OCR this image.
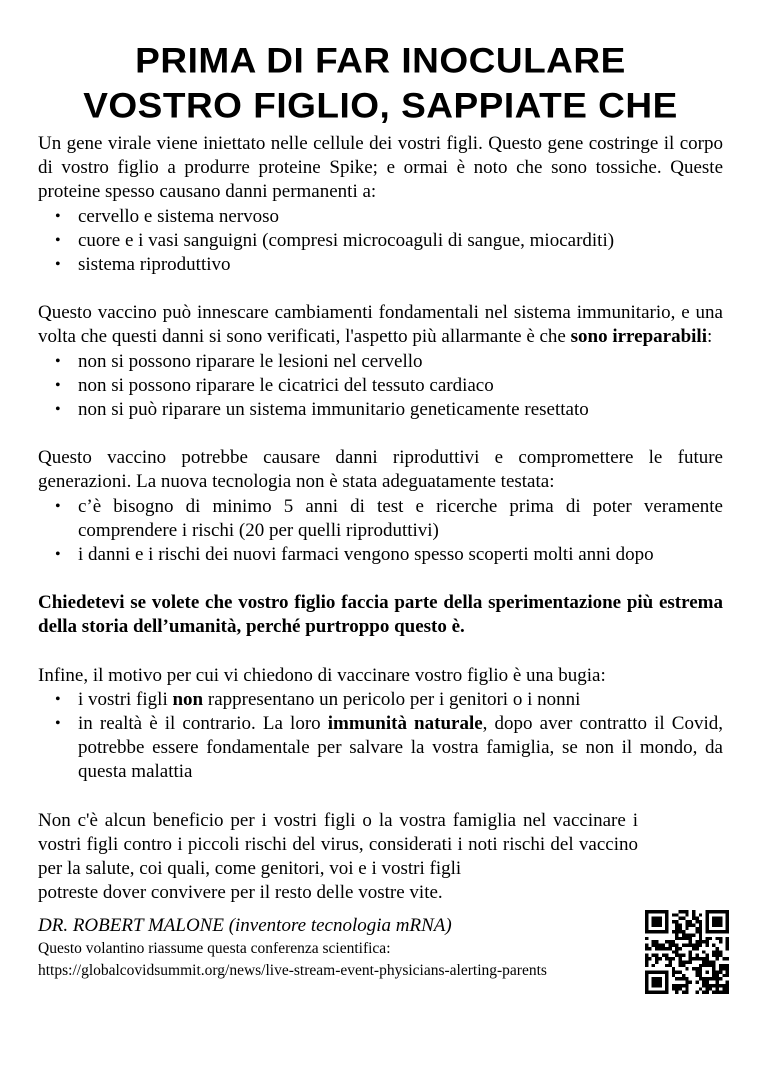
PRIMA DI FAR INOCULARE
VOSTRO FIGLIO, SAPPIATE CHE

Un gene virale viene iniettato nelle cellule dei vostri figli. Questo gene costringe il corpo di vostro figlio a produrre proteine Spike; e ormai è noto che sono tossiche. Queste proteine spesso causano danni permanenti a:

• cervello e sistema nervoso
• cuore e i vasi sanguigni (compresi microcoaguli di sangue, miocarditi)
• sistema riproduttivo

Questo vaccino può innescare cambiamenti fondamentali nel sistema immunitario, e una volta che questi danni si sono verificati, l'aspetto più allarmante è che sono irreparabili:

• non si possono riparare le lesioni nel cervello
• non si possono riparare le cicatrici del tessuto cardiaco
• non si può riparare un sistema immunitario geneticamente resettato

Questo vaccino potrebbe causare danni riproduttivi e compromettere le future generazioni. La nuova tecnologia non è stata adeguatamente testata:

• c’è bisogno di minimo 5 anni di test e ricerche prima di poter veramente comprendere i rischi (20 per quelli riproduttivi)
• i danni e i rischi dei nuovi farmaci vengono spesso scoperti molti anni dopo

Chiedetevi se volete che vostro figlio faccia parte della sperimentazione più estrema della storia dell’umanità, perché purtroppo questo è.

Infine, il motivo per cui vi chiedono di vaccinare vostro figlio è una bugia:

• i vostri figli non rappresentano un pericolo per i genitori o i nonni
• in realtà è il contrario. La loro immunità naturale, dopo aver contratto il Covid, potrebbe essere fondamentale per salvare la vostra famiglia, se non il mondo, da questa malattia

Non c'è alcun beneficio per i vostri figli o la vostra famiglia nel vaccinare i vostri figli contro i piccoli rischi del virus, considerati i noti rischi del vaccino per la salute, coi quali, come genitori, voi e i vostri figli

potreste dover convivere per il resto delle vostre vite.

DR. ROBERT MALONE (inventore tecnologia mRNA)

Questo volantino riassume questa conferenza scientifica:

https://globalcovidsummit.org/news/live-stream-event-physicians-alerting-parents
